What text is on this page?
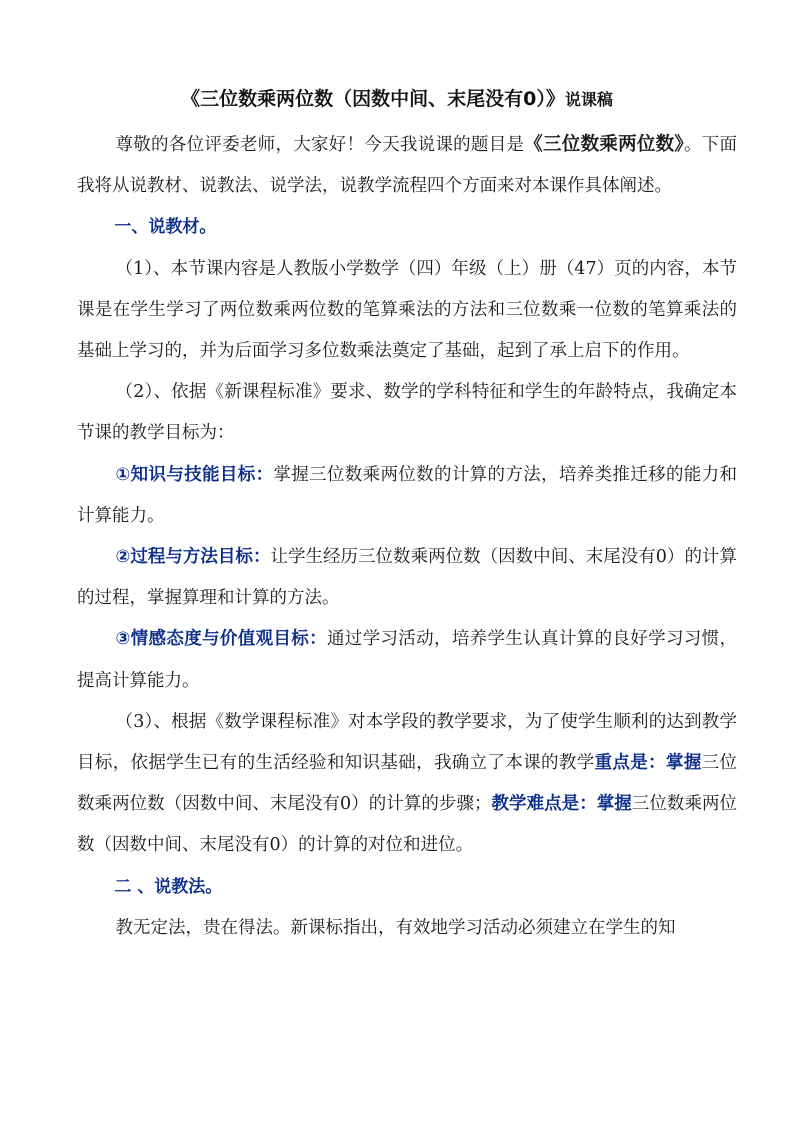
《三位数乘两位数（因数中间、末尾没有0）》说课稿

尊敬的各位评委老师，大家好！今天我说课的题目是《三位数乘两位数》。下面我将从说教材、说教法、说学法，说教学流程四个方面来对本课作具体阐述。

一、说教材。

（1）、本节课内容是人教版小学数学（四）年级（上）册（47）页的内容，本节课是在学生学习了两位数乘两位数的笔算乘法的方法和三位数乘一位数的笔算乘法的基础上学习的，并为后面学习多位数乘法奠定了基础，起到了承上启下的作用。

（2）、依据《新课程标准》要求、数学的学科特征和学生的年龄特点，我确定本节课的教学目标为：

①知识与技能目标：掌握三位数乘两位数的计算的方法，培养类推迁移的能力和计算能力。

②过程与方法目标：让学生经历三位数乘两位数（因数中间、末尾没有0）的计算的过程，掌握算理和计算的方法。

③情感态度与价值观目标：通过学习活动，培养学生认真计算的良好学习习惯，提高计算能力。

（3）、根据《数学课程标准》对本学段的教学要求，为了使学生顺利的达到教学目标，依据学生已有的生活经验和知识基础，我确立了本课的教学重点是：掌握三位数乘两位数（因数中间、末尾没有0）的计算的步骤；教学难点是：掌握三位数乘两位数（因数中间、末尾没有0）的计算的对位和进位。

二 、说教法。

教无定法，贵在得法。新课标指出，有效地学习活动必须建立在学生的知
